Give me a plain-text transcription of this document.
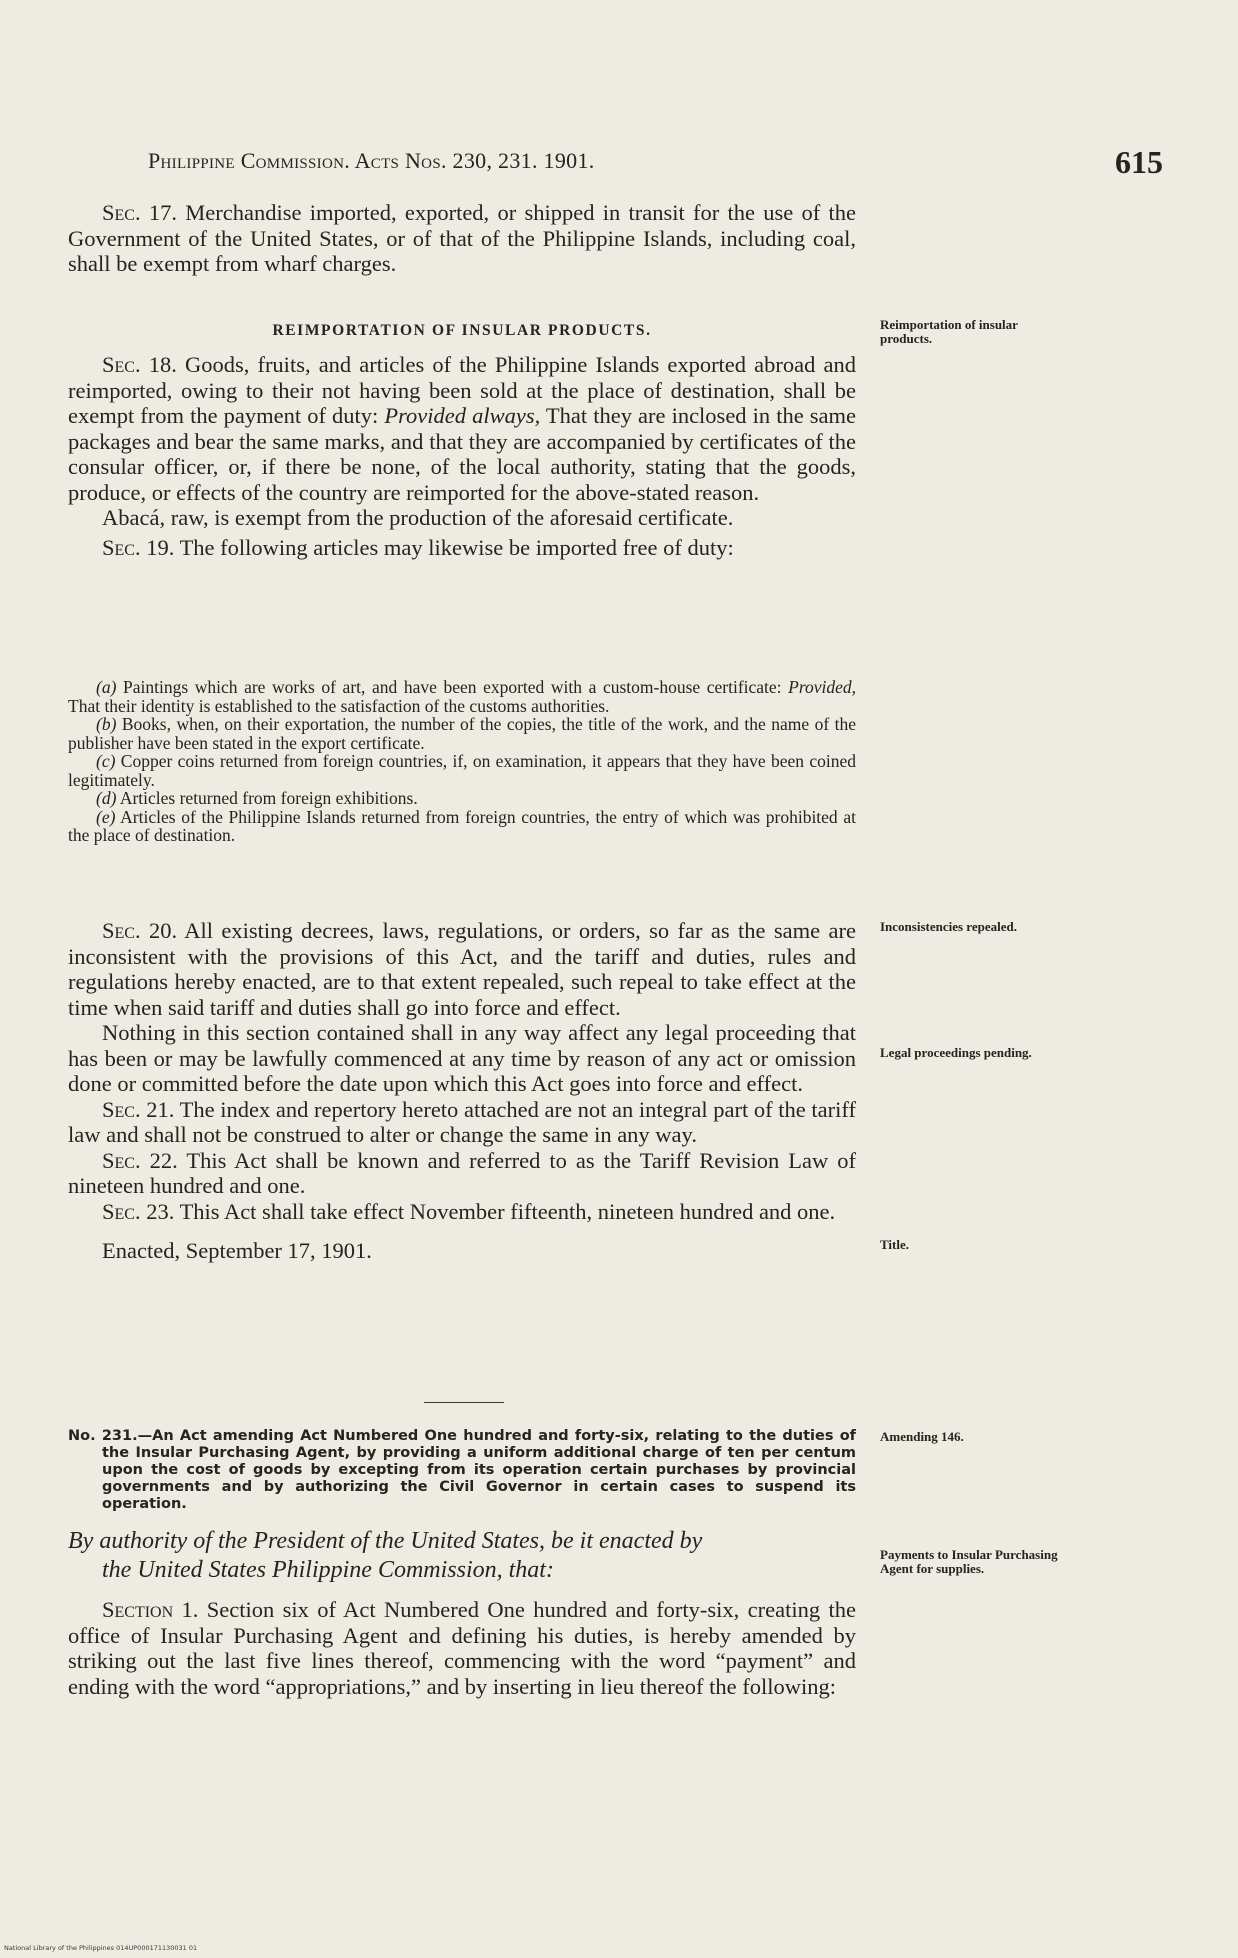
Philippine Commission. Acts Nos. 230, 231. 1901.	615

Sec. 17. Merchandise imported, exported, or shipped in transit for the use of the Government of the United States, or of that of the Philippine Islands, including coal, shall be exempt from wharf charges.

REIMPORTATION OF INSULAR PRODUCTS.

Sec. 18. Goods, fruits, and articles of the Philippine Islands exported abroad and reimported, owing to their not having been sold at the place of destination, shall be exempt from the payment of duty: Provided always, That they are inclosed in the same packages and bear the same marks, and that they are accompanied by certificates of the consular officer, or, if there be none, of the local authority, stating that the goods, produce, or effects of the country are reimported for the above-stated reason.

Abacá, raw, is exempt from the production of the aforesaid certificate.

Sec. 19. The following articles may likewise be imported free of duty:

(a) Paintings which are works of art, and have been exported with a custom-house certificate: Provided, That their identity is established to the satisfaction of the customs authorities.

(b) Books, when, on their exportation, the number of the copies, the title of the work, and the name of the publisher have been stated in the export certificate.

(c) Copper coins returned from foreign countries, if, on examination, it appears that they have been coined legitimately.

(d) Articles returned from foreign exhibitions.

(e) Articles of the Philippine Islands returned from foreign countries, the entry of which was prohibited at the place of destination.

Sec. 20. All existing decrees, laws, regulations, or orders, so far as the same are inconsistent with the provisions of this Act, and the tariff and duties, rules and regulations hereby enacted, are to that extent repealed, such repeal to take effect at the time when said tariff and duties shall go into force and effect.

Nothing in this section contained shall in any way affect any legal proceeding that has been or may be lawfully commenced at any time by reason of any act or omission done or committed before the date upon which this Act goes into force and effect.

Sec. 21. The index and repertory hereto attached are not an integral part of the tariff law and shall not be construed to alter or change the same in any way.

Sec. 22. This Act shall be known and referred to as the Tariff Revision Law of nineteen hundred and one.

Sec. 23. This Act shall take effect November fifteenth, nineteen hundred and one.

Enacted, September 17, 1901.

No. 231.—An Act amending Act Numbered One hundred and forty-six, relating to the duties of the Insular Purchasing Agent, by providing a uniform additional charge of ten per centum upon the cost of goods by excepting from its operation certain purchases by provincial governments and by authorizing the Civil Governor in certain cases to suspend its operation.

By authority of the President of the United States, be it enacted by

the United States Philippine Commission, that:

Section 1. Section six of Act Numbered One hundred and forty-six, creating the office of Insular Purchasing Agent and defining his duties, is hereby amended by striking out the last five lines thereof, commencing with the word “payment” and ending with the word “appropriations,” and by inserting in lieu thereof the following:

Reimportation of insular products.
Inconsistencies repealed.
Legal proceedings pending.
Title.
Amending 146.
Payments to Insular Purchasing Agent for supplies.
National Library of the Philippines 014UP000171130031 01
